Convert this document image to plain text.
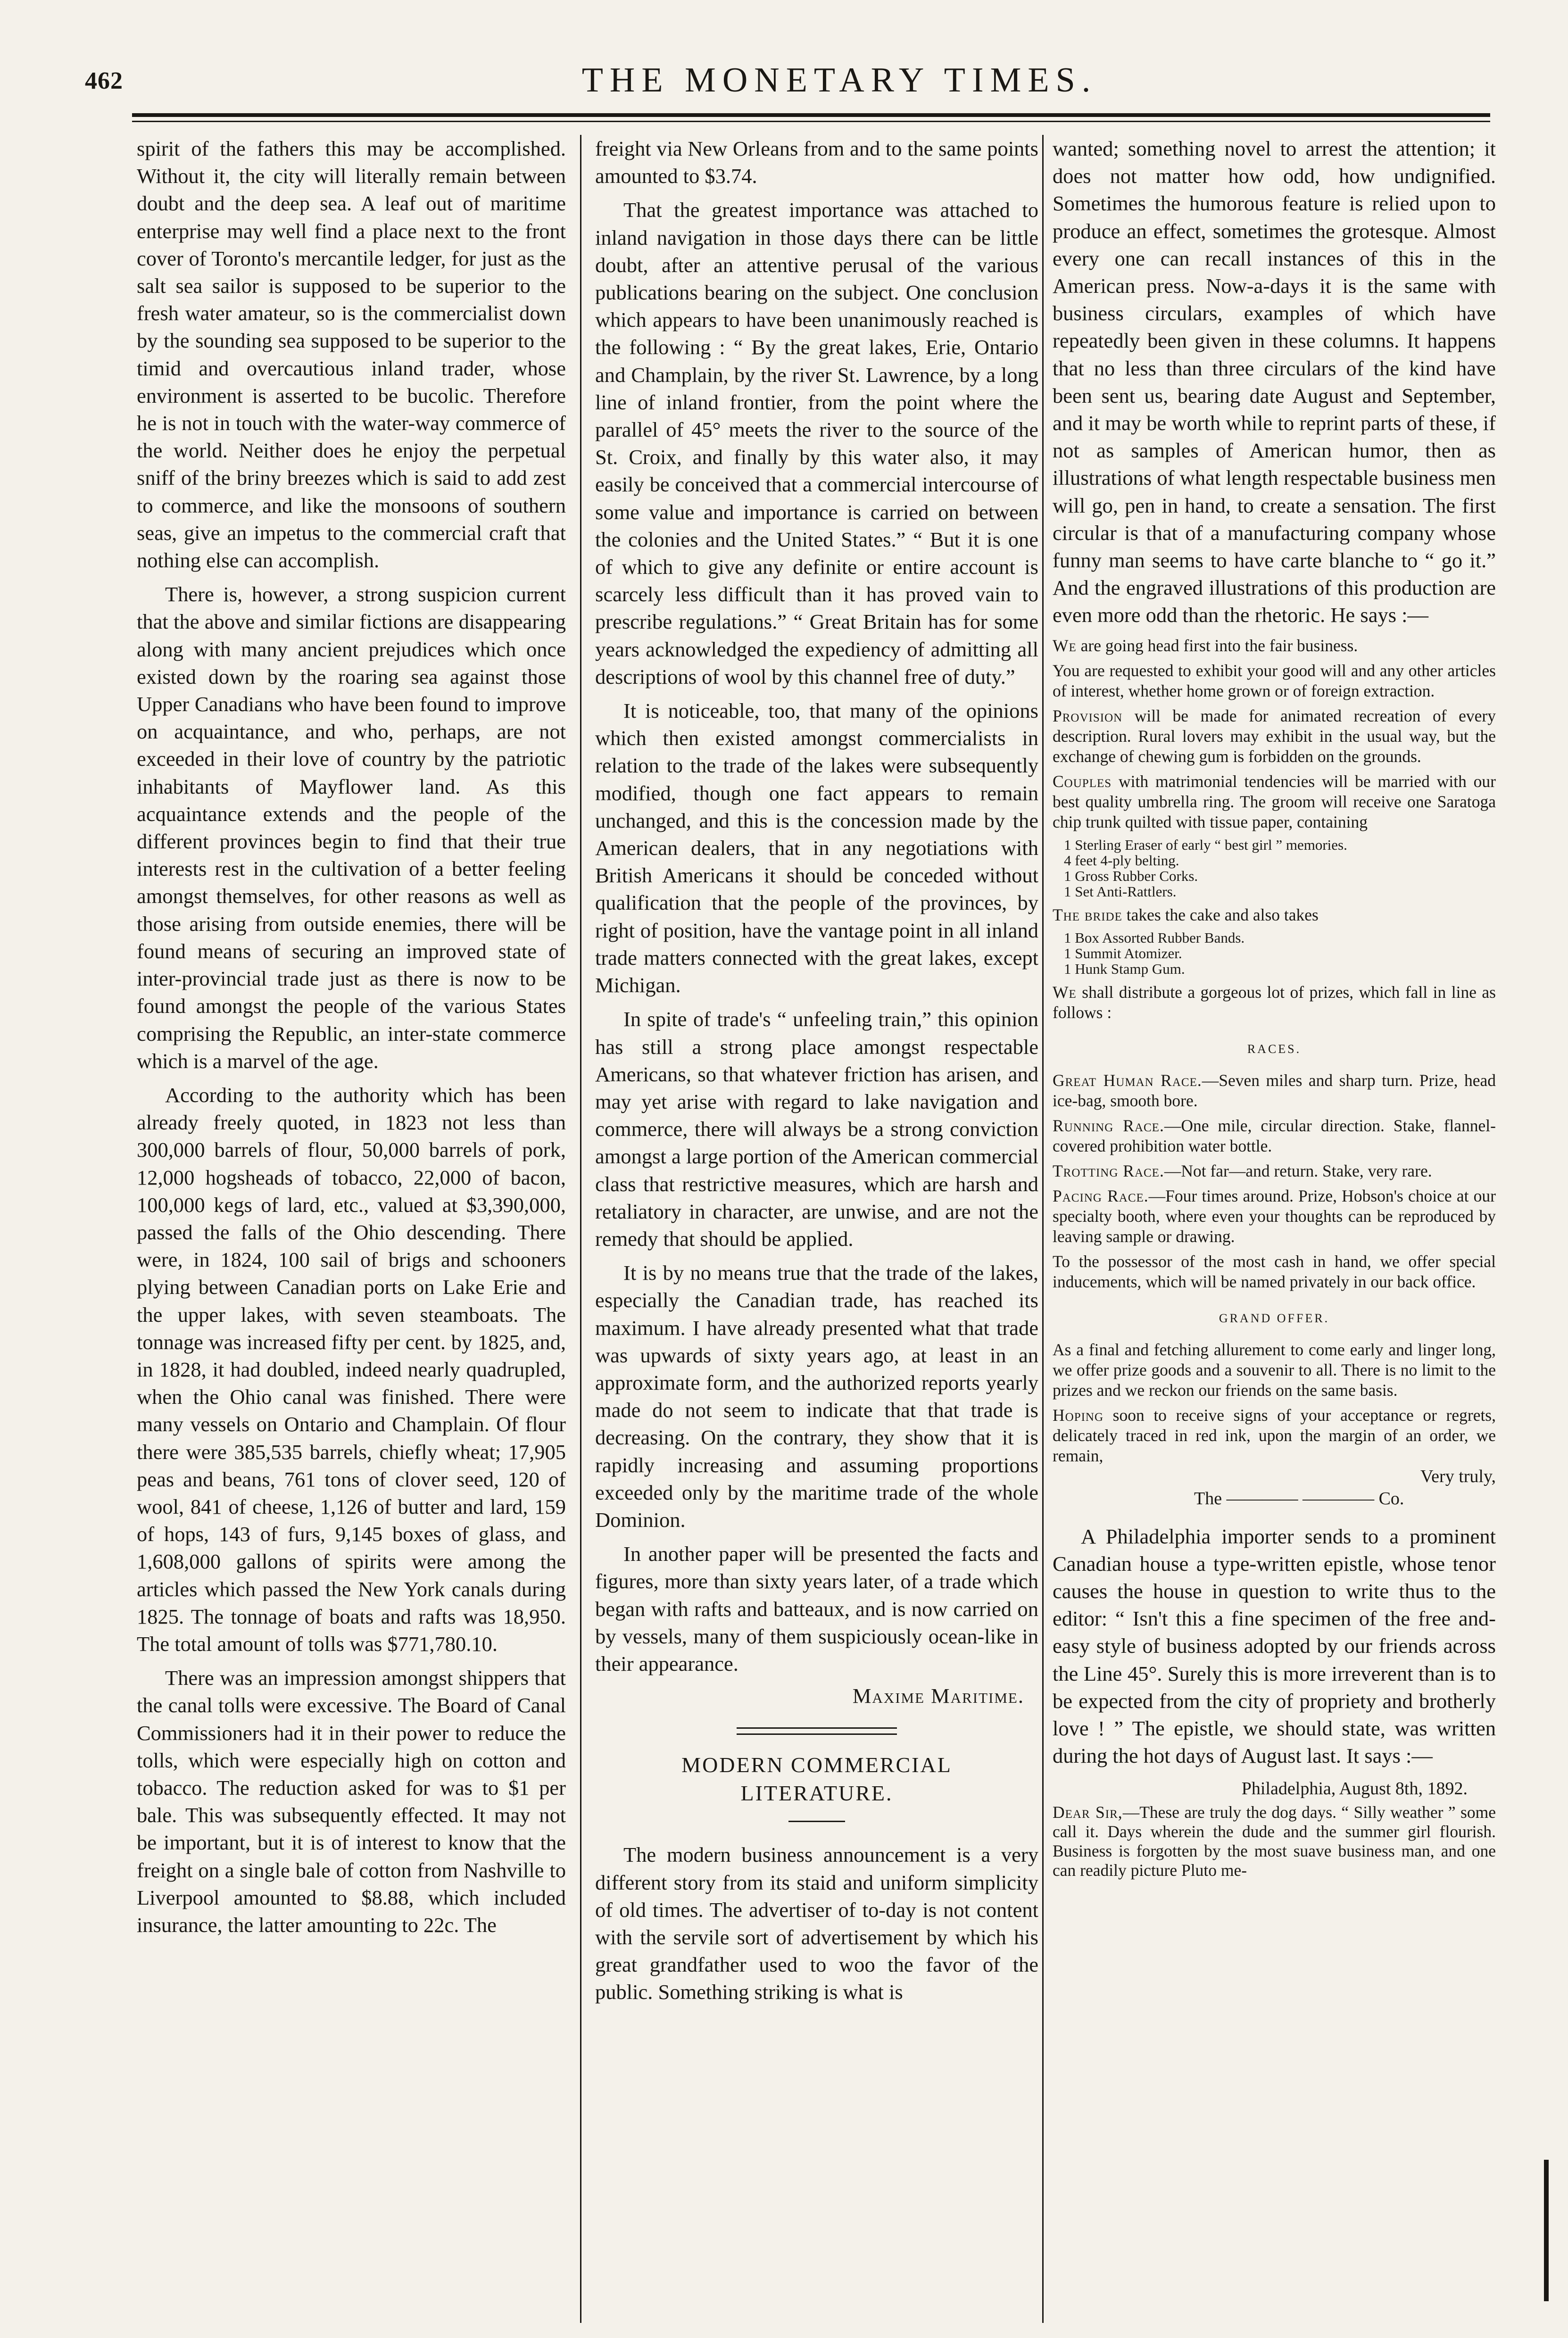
462	THE MONETARY TIMES.

spirit of the fathers this may be accomplished. Without it, the city will literally remain between doubt and the deep sea. A leaf out of maritime enterprise may well find a place next to the front cover of Toronto's mercantile ledger, for just as the salt sea sailor is supposed to be superior to the fresh water amateur, so is the commercialist down by the sounding sea supposed to be superior to the timid and overcautious inland trader, whose environment is asserted to be bucolic. Therefore he is not in touch with the water-way commerce of the world. Neither does he enjoy the perpetual sniff of the briny breezes which is said to add zest to commerce, and like the monsoons of southern seas, give an impetus to the commercial craft that nothing else can accomplish.

There is, however, a strong suspicion current that the above and similar fictions are disappearing along with many ancient prejudices which once existed down by the roaring sea against those Upper Canadians who have been found to improve on acquaintance, and who, perhaps, are not exceeded in their love of country by the patriotic inhabitants of Mayflower land. As this acquaintance extends and the people of the different provinces begin to find that their true interests rest in the cultivation of a better feeling amongst themselves, for other reasons as well as those arising from outside enemies, there will be found means of securing an improved state of inter-provincial trade just as there is now to be found amongst the people of the various States comprising the Republic, an inter-state commerce which is a marvel of the age.

According to the authority which has been already freely quoted, in 1823 not less than 300,000 barrels of flour, 50,000 barrels of pork, 12,000 hogsheads of tobacco, 22,000 of bacon, 100,000 kegs of lard, etc., valued at $3,390,000, passed the falls of the Ohio descending. There were, in 1824, 100 sail of brigs and schooners plying between Canadian ports on Lake Erie and the upper lakes, with seven steamboats. The tonnage was increased fifty per cent. by 1825, and, in 1828, it had doubled, indeed nearly quadrupled, when the Ohio canal was finished. There were many vessels on Ontario and Champlain. Of flour there were 385,535 barrels, chiefly wheat; 17,905 peas and beans, 761 tons of clover seed, 120 of wool, 841 of cheese, 1,126 of butter and lard, 159 of hops, 143 of furs, 9,145 boxes of glass, and 1,608,000 gallons of spirits were among the articles which passed the New York canals during 1825. The tonnage of boats and rafts was 18,950. The total amount of tolls was $771,780.10.

There was an impression amongst shippers that the canal tolls were excessive. The Board of Canal Commissioners had it in their power to reduce the tolls, which were especially high on cotton and tobacco. The reduction asked for was to $1 per bale. This was subsequently effected. It may not be important, but it is of interest to know that the freight on a single bale of cotton from Nashville to Liverpool amounted to $8.88, which included insurance, the latter amounting to 22c. The

freight via New Orleans from and to the same points amounted to $3.74.

That the greatest importance was attached to inland navigation in those days there can be little doubt, after an attentive perusal of the various publications bearing on the subject. One conclusion which appears to have been unanimously reached is the following : “ By the great lakes, Erie, Ontario and Champlain, by the river St. Lawrence, by a long line of inland frontier, from the point where the parallel of 45° meets the river to the source of the St. Croix, and finally by this water also, it may easily be conceived that a commercial intercourse of some value and importance is carried on between the colonies and the United States.” “ But it is one of which to give any definite or entire account is scarcely less difficult than it has proved vain to prescribe regulations.” “ Great Britain has for some years acknowledged the expediency of admitting all descriptions of wool by this channel free of duty.”

It is noticeable, too, that many of the opinions which then existed amongst commercialists in relation to the trade of the lakes were subsequently modified, though one fact appears to remain unchanged, and this is the concession made by the American dealers, that in any negotiations with British Americans it should be conceded without qualification that the people of the provinces, by right of position, have the vantage point in all inland trade matters connected with the great lakes, except Michigan.

In spite of trade's “ unfeeling train,” this opinion has still a strong place amongst respectable Americans, so that whatever friction has arisen, and may yet arise with regard to lake navigation and commerce, there will always be a strong conviction amongst a large portion of the American commercial class that restrictive measures, which are harsh and retaliatory in character, are unwise, and are not the remedy that should be applied.

It is by no means true that the trade of the lakes, especially the Canadian trade, has reached its maximum. I have already presented what that trade was upwards of sixty years ago, at least in an approximate form, and the authorized reports yearly made do not seem to indicate that that trade is decreasing. On the contrary, they show that it is rapidly increasing and assuming proportions exceeded only by the maritime trade of the whole Dominion.

In another paper will be presented the facts and figures, more than sixty years later, of a trade which began with rafts and batteaux, and is now carried on by vessels, many of them suspiciously ocean-like in their appearance.

Maxime Maritime.
MODERN COMMERCIAL LITERATURE.

The modern business announcement is a very different story from its staid and uniform simplicity of old times. The advertiser of to-day is not content with the servile sort of advertisement by which his great grandfather used to woo the favor of the public. Something striking is what is

wanted; something novel to arrest the attention; it does not matter how odd, how undignified. Sometimes the humorous feature is relied upon to produce an effect, sometimes the grotesque. Almost every one can recall instances of this in the American press. Now-a-days it is the same with business circulars, examples of which have repeatedly been given in these columns. It happens that no less than three circulars of the kind have been sent us, bearing date August and September, and it may be worth while to reprint parts of these, if not as samples of American humor, then as illustrations of what length respectable business men will go, pen in hand, to create a sensation. The first circular is that of a manufacturing company whose funny man seems to have carte blanche to “ go it.” And the engraved illustrations of this production are even more odd than the rhetoric. He says :—

We are going head first into the fair business.
You are requested to exhibit your good will and any other articles of interest, whether home grown or of foreign extraction.
Provision will be made for animated recreation of every description. Rural lovers may exhibit in the usual way, but the exchange of chewing gum is forbidden on the grounds.
Couples with matrimonial tendencies will be married with our best quality umbrella ring. The groom will receive one Saratoga chip trunk quilted with tissue paper, containing
1 Sterling Eraser of early “ best girl ” memories.
4 feet 4-ply belting.
1 Gross Rubber Corks.
1 Set Anti-Rattlers.
The bride takes the cake and also takes
1 Box Assorted Rubber Bands.
1 Summit Atomizer.
1 Hunk Stamp Gum.
We shall distribute a gorgeous lot of prizes, which fall in line as follows :
RACES.
Great Human Race.—Seven miles and sharp turn. Prize, head ice-bag, smooth bore.
Running Race.—One mile, circular direction. Stake, flannel-covered prohibition water bottle.
Trotting Race.—Not far—and return. Stake, very rare.
Pacing Race.—Four times around. Prize, Hobson's choice at our specialty booth, where even your thoughts can be reproduced by leaving sample or drawing.
To the possessor of the most cash in hand, we offer special inducements, which will be named privately in our back office.
GRAND OFFER.
As a final and fetching allurement to come early and linger long, we offer prize goods and a souvenir to all. There is no limit to the prizes and we reckon our friends on the same basis.
Hoping soon to receive signs of your acceptance or regrets, delicately traced in red ink, upon the margin of an order, we remain,
Very truly,
The ———— ———— Co.

A Philadelphia importer sends to a prominent Canadian house a type-written epistle, whose tenor causes the house in question to write thus to the editor: “ Isn't this a fine specimen of the free and-easy style of business adopted by our friends across the Line 45°. Surely this is more irreverent than is to be expected from the city of propriety and brotherly love ! ” The epistle, we should state, was written during the hot days of August last. It says :—

Philadelphia, August 8th, 1892.
Dear Sir,—These are truly the dog days. “ Silly weather ” some call it. Days wherein the dude and the summer girl flourish. Business is forgotten by the most suave business man, and one can readily picture Pluto me-
